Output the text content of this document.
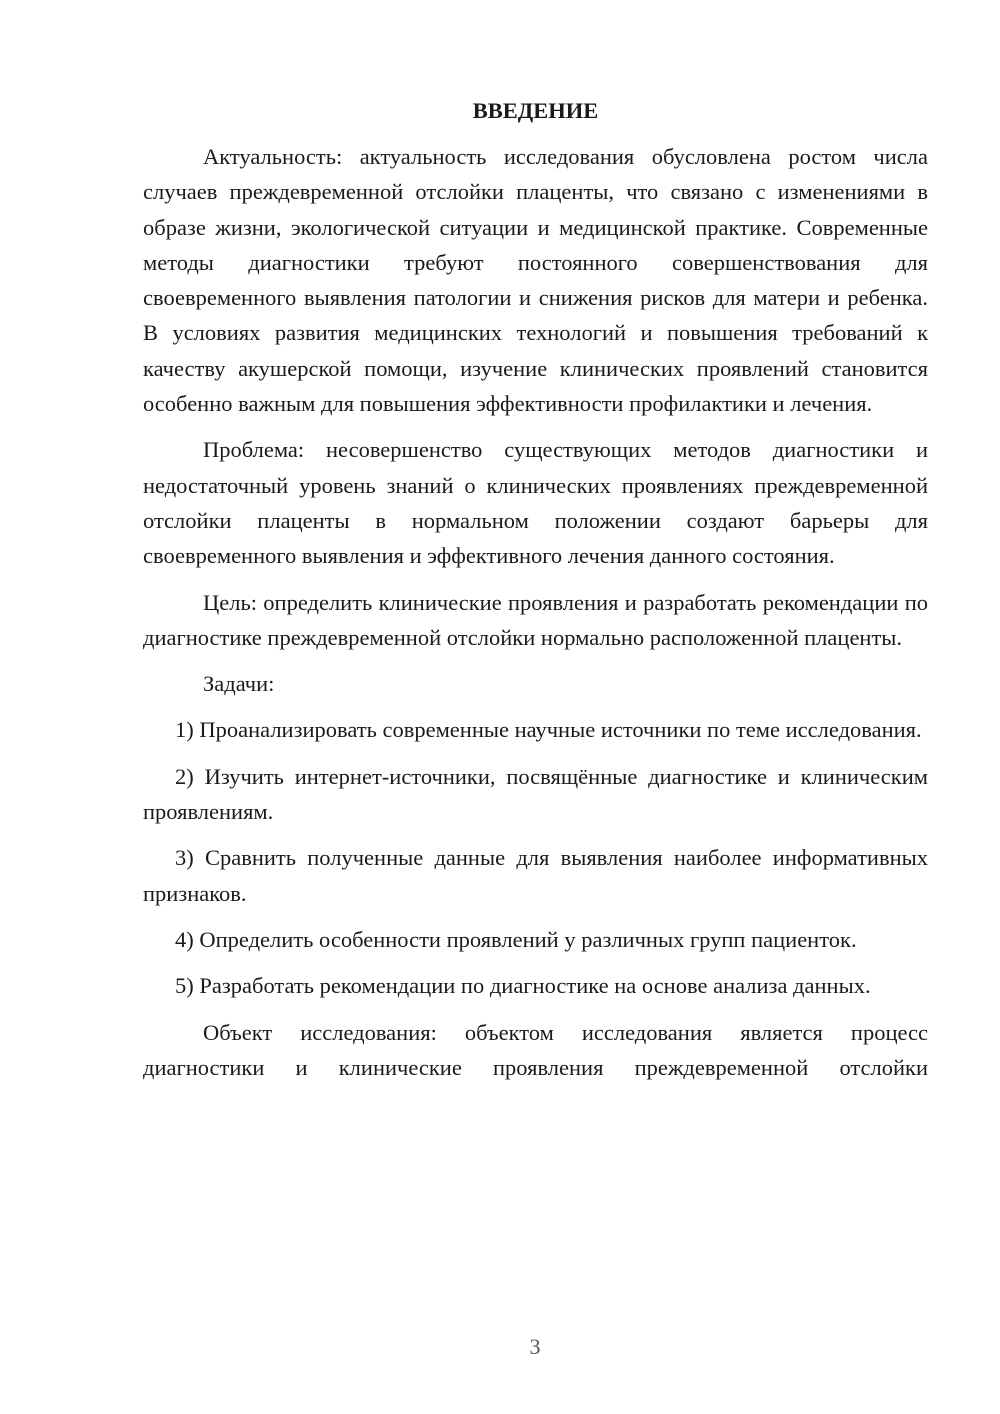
ВВЕДЕНИЕ

Актуальность: актуальность исследования обусловлена ростом числа случаев преждевременной отслойки плаценты, что связано с изменениями в образе жизни, экологической ситуации и медицинской практике. Современные методы диагностики требуют постоянного совершенствования для своевременного выявления патологии и снижения рисков для матери и ребенка. В условиях развития медицинских технологий и повышения требований к качеству акушерской помощи, изучение клинических проявлений становится особенно важным для повышения эффективности профилактики и лечения.

Проблема: несовершенство существующих методов диагностики и недостаточный уровень знаний о клинических проявлениях преждевременной отслойки плаценты в нормальном положении создают барьеры для своевременного выявления и эффективного лечения данного состояния.

Цель: определить клинические проявления и разработать рекомендации по диагностике преждевременной отслойки нормально расположенной плаценты.

Задачи:

1) Проанализировать современные научные источники по теме исследования.

2) Изучить интернет-источники, посвящённые диагностике и клиническим проявлениям.

3) Сравнить полученные данные для выявления наиболее информативных признаков.

4) Определить особенности проявлений у различных групп пациенток.

5) Разработать рекомендации по диагностике на основе анализа данных.

Объект исследования: объектом исследования является процесс диагностики и клинические проявления преждевременной отслойки

3
